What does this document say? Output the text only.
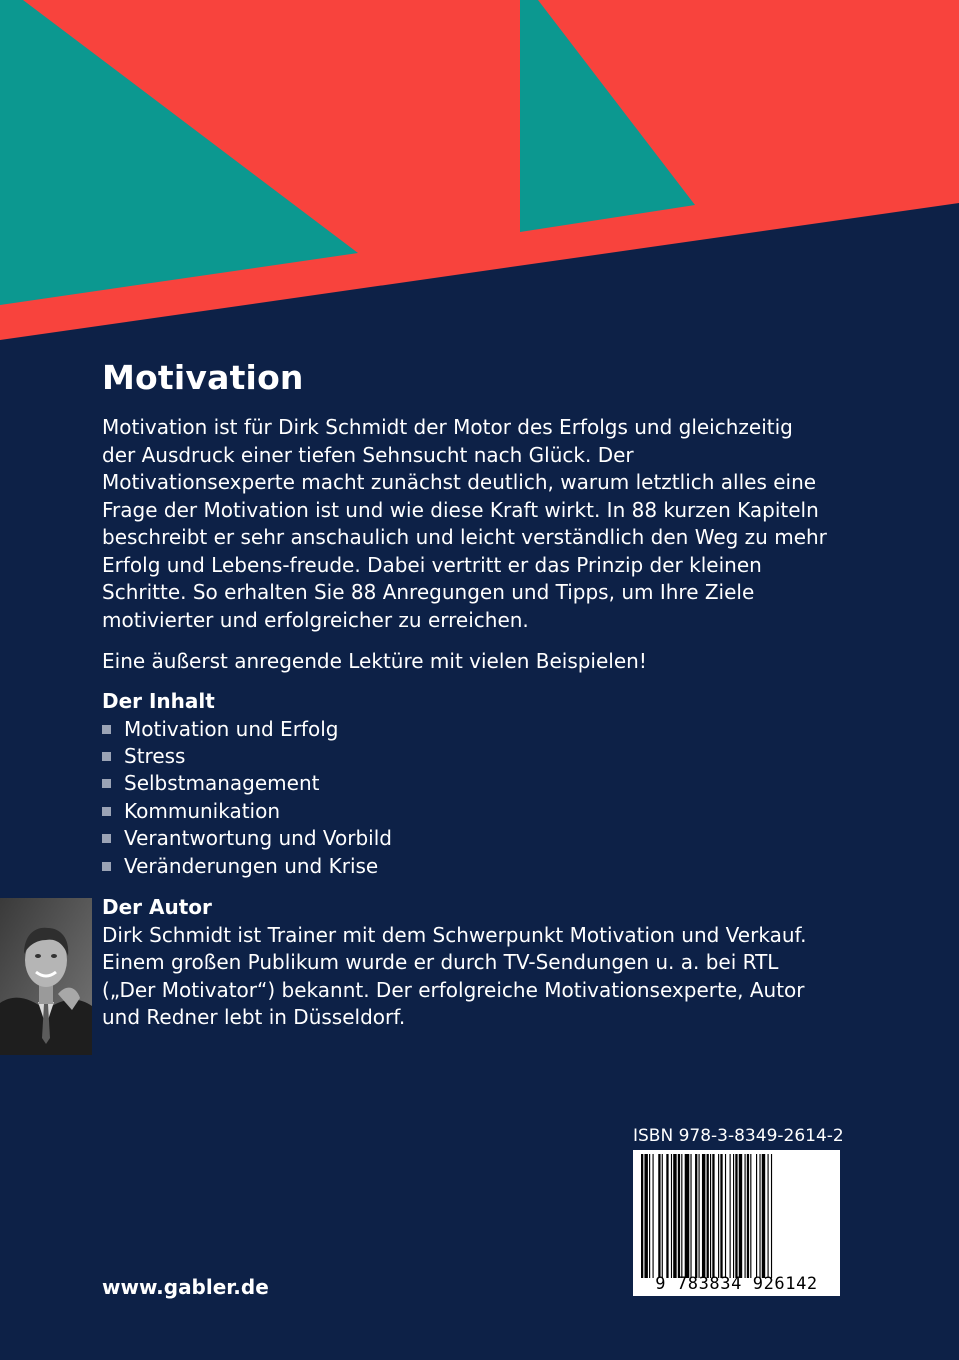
Motivation

Motivation ist für Dirk Schmidt der Motor des Erfolgs und gleichzeitig der Ausdruck einer tiefen Sehnsucht nach Glück. Der Motivationsexperte macht zunächst deutlich, warum letztlich alles eine Frage der Motivation ist und wie diese Kraft wirkt. In 88 kurzen Kapiteln beschreibt er sehr anschaulich und leicht verständlich den Weg zu mehr Erfolg und Lebens-freude. Dabei vertritt er das Prinzip der kleinen Schritte. So erhalten Sie 88 Anregungen und Tipps, um Ihre Ziele motivierter und erfolgreicher zu erreichen.

Eine äußerst anregende Lektüre mit vielen Beispielen!

Der Inhalt
Motivation und Erfolg
Stress
Selbstmanagement
Kommunikation
Verantwortung und Vorbild
Veränderungen und Krise
Der Autor

Dirk Schmidt ist Trainer mit dem Schwerpunkt Motivation und Verkauf. Einem großen Publikum wurde er durch TV-Sendungen u. a. bei RTL („Der Motivator“) bekannt. Der erfolgreiche Motivationsexperte, Autor und Redner lebt in Düsseldorf.

ISBN 978-3-8349-2614-2
9 783834 926142
www.gabler.de
